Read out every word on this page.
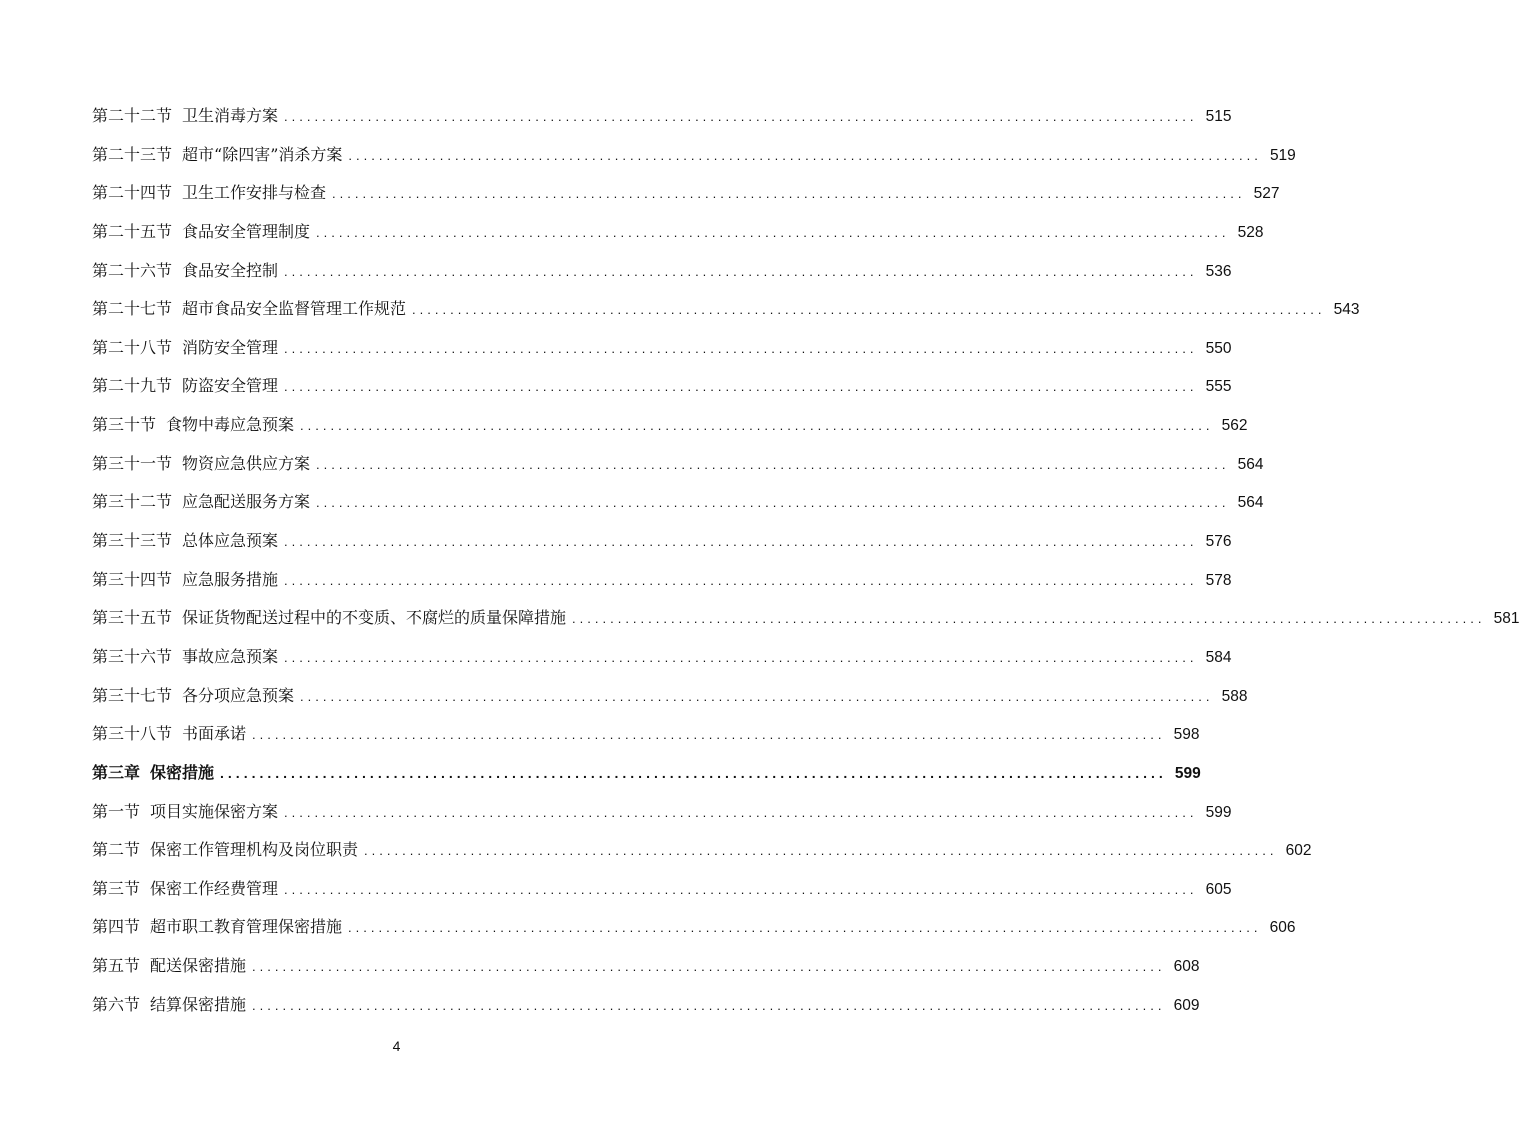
第二十二节 卫生消毒方案 ........................................................................................................................ 515
第二十三节 超市“除四害”消杀方案 ........................................................................................................................ 519
第二十四节 卫生工作安排与检查 ........................................................................................................................ 527
第二十五节 食品安全管理制度 ........................................................................................................................ 528
第二十六节 食品安全控制 ........................................................................................................................ 536
第二十七节 超市食品安全监督管理工作规范 ........................................................................................................................ 543
第二十八节 消防安全管理 ........................................................................................................................ 550
第二十九节 防盗安全管理 ........................................................................................................................ 555
第三十节 食物中毒应急预案 ........................................................................................................................ 562
第三十一节 物资应急供应方案 ........................................................................................................................ 564
第三十二节 应急配送服务方案 ........................................................................................................................ 564
第三十三节 总体应急预案 ........................................................................................................................ 576
第三十四节 应急服务措施 ........................................................................................................................ 578
第三十五节 保证货物配送过程中的不变质、不腐烂的质量保障措施 ........................................................................................................................ 581
第三十六节 事故应急预案 ........................................................................................................................ 584
第三十七节 各分项应急预案 ........................................................................................................................ 588
第三十八节 书面承诺 ........................................................................................................................ 598
第三章 保密措施 ........................................................................................................................ 599
第一节 项目实施保密方案 ........................................................................................................................ 599
第二节 保密工作管理机构及岗位职责 ........................................................................................................................ 602
第三节 保密工作经费管理 ........................................................................................................................ 605
第四节 超市职工教育管理保密措施 ........................................................................................................................ 606
第五节 配送保密措施 ........................................................................................................................ 608
第六节 结算保密措施 ........................................................................................................................ 609
4
